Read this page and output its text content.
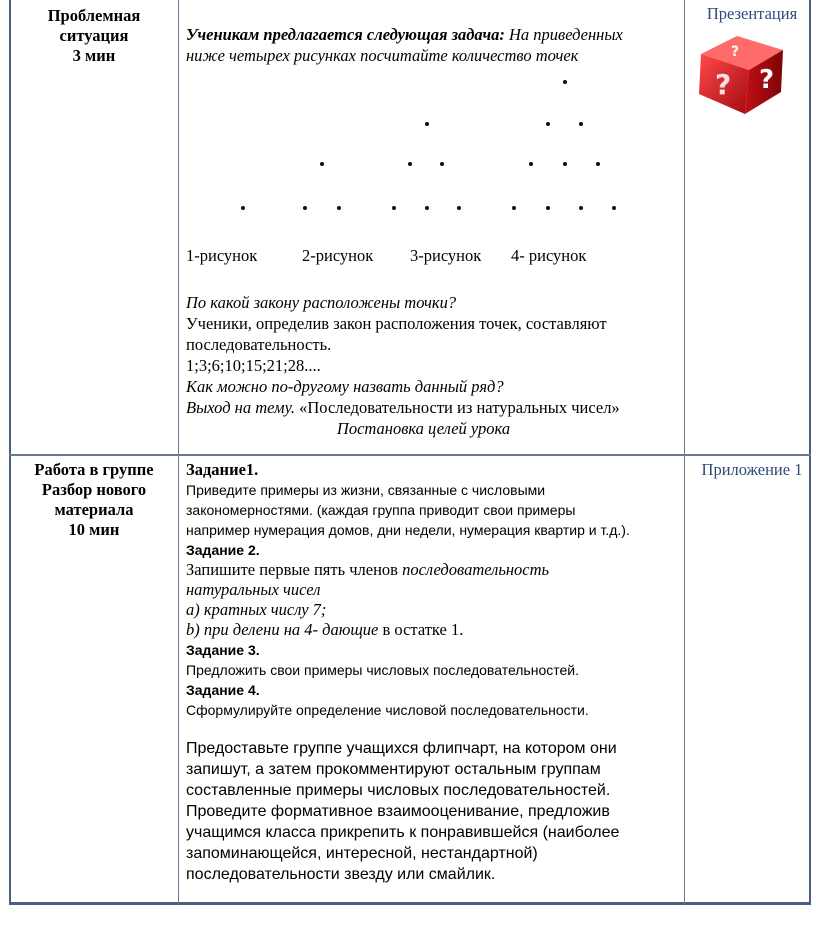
Проблемная
ситуация
3 мин
Презентация
?
?
?
Ученикам предлагается следующая задача: На приведенных
ниже четырех рисунках посчитайте количество точек
1-рисунок	2-рисунок 3-рисунок 4- рисунок
По какой закону расположены точки?
Ученики, определив закон расположения точек, составляют
последовательность.
1;3;6;10;15;21;28....
Как можно по-другому назвать данный ряд?
Выход на тему. «Последовательности из натуральных чисел»
Постановка целей урока
Работа в группе
Разбор нового
материала
10 мин
Приложение 1
Задание1.
Приведите примеры из жизни, связанные с числовыми
закономерностями. (каждая группа приводит свои примеры
например нумерация домов, дни недели, нумерация квартир и т.д.).
Задание 2.
Запишите первые пять членов последовательность
натуральных чисел
а) кратных числу 7;
b) при делени на 4- дающие в остатке 1.
Задание 3.
Предложить свои примеры числовых последовательностей.
Задание 4.
Сформулируйте определение числовой последовательности.
Предоставьте группе учащихся флипчарт, на котором они
запишут, а затем прокомментируют остальным группам
составленные примеры числовых последовательностей.
Проведите формативное взаимооценивание, предложив
учащимся класса прикрепить к понравившейся (наиболее
запоминающейся, интересной, нестандартной)
последовательности звезду или смайлик.
